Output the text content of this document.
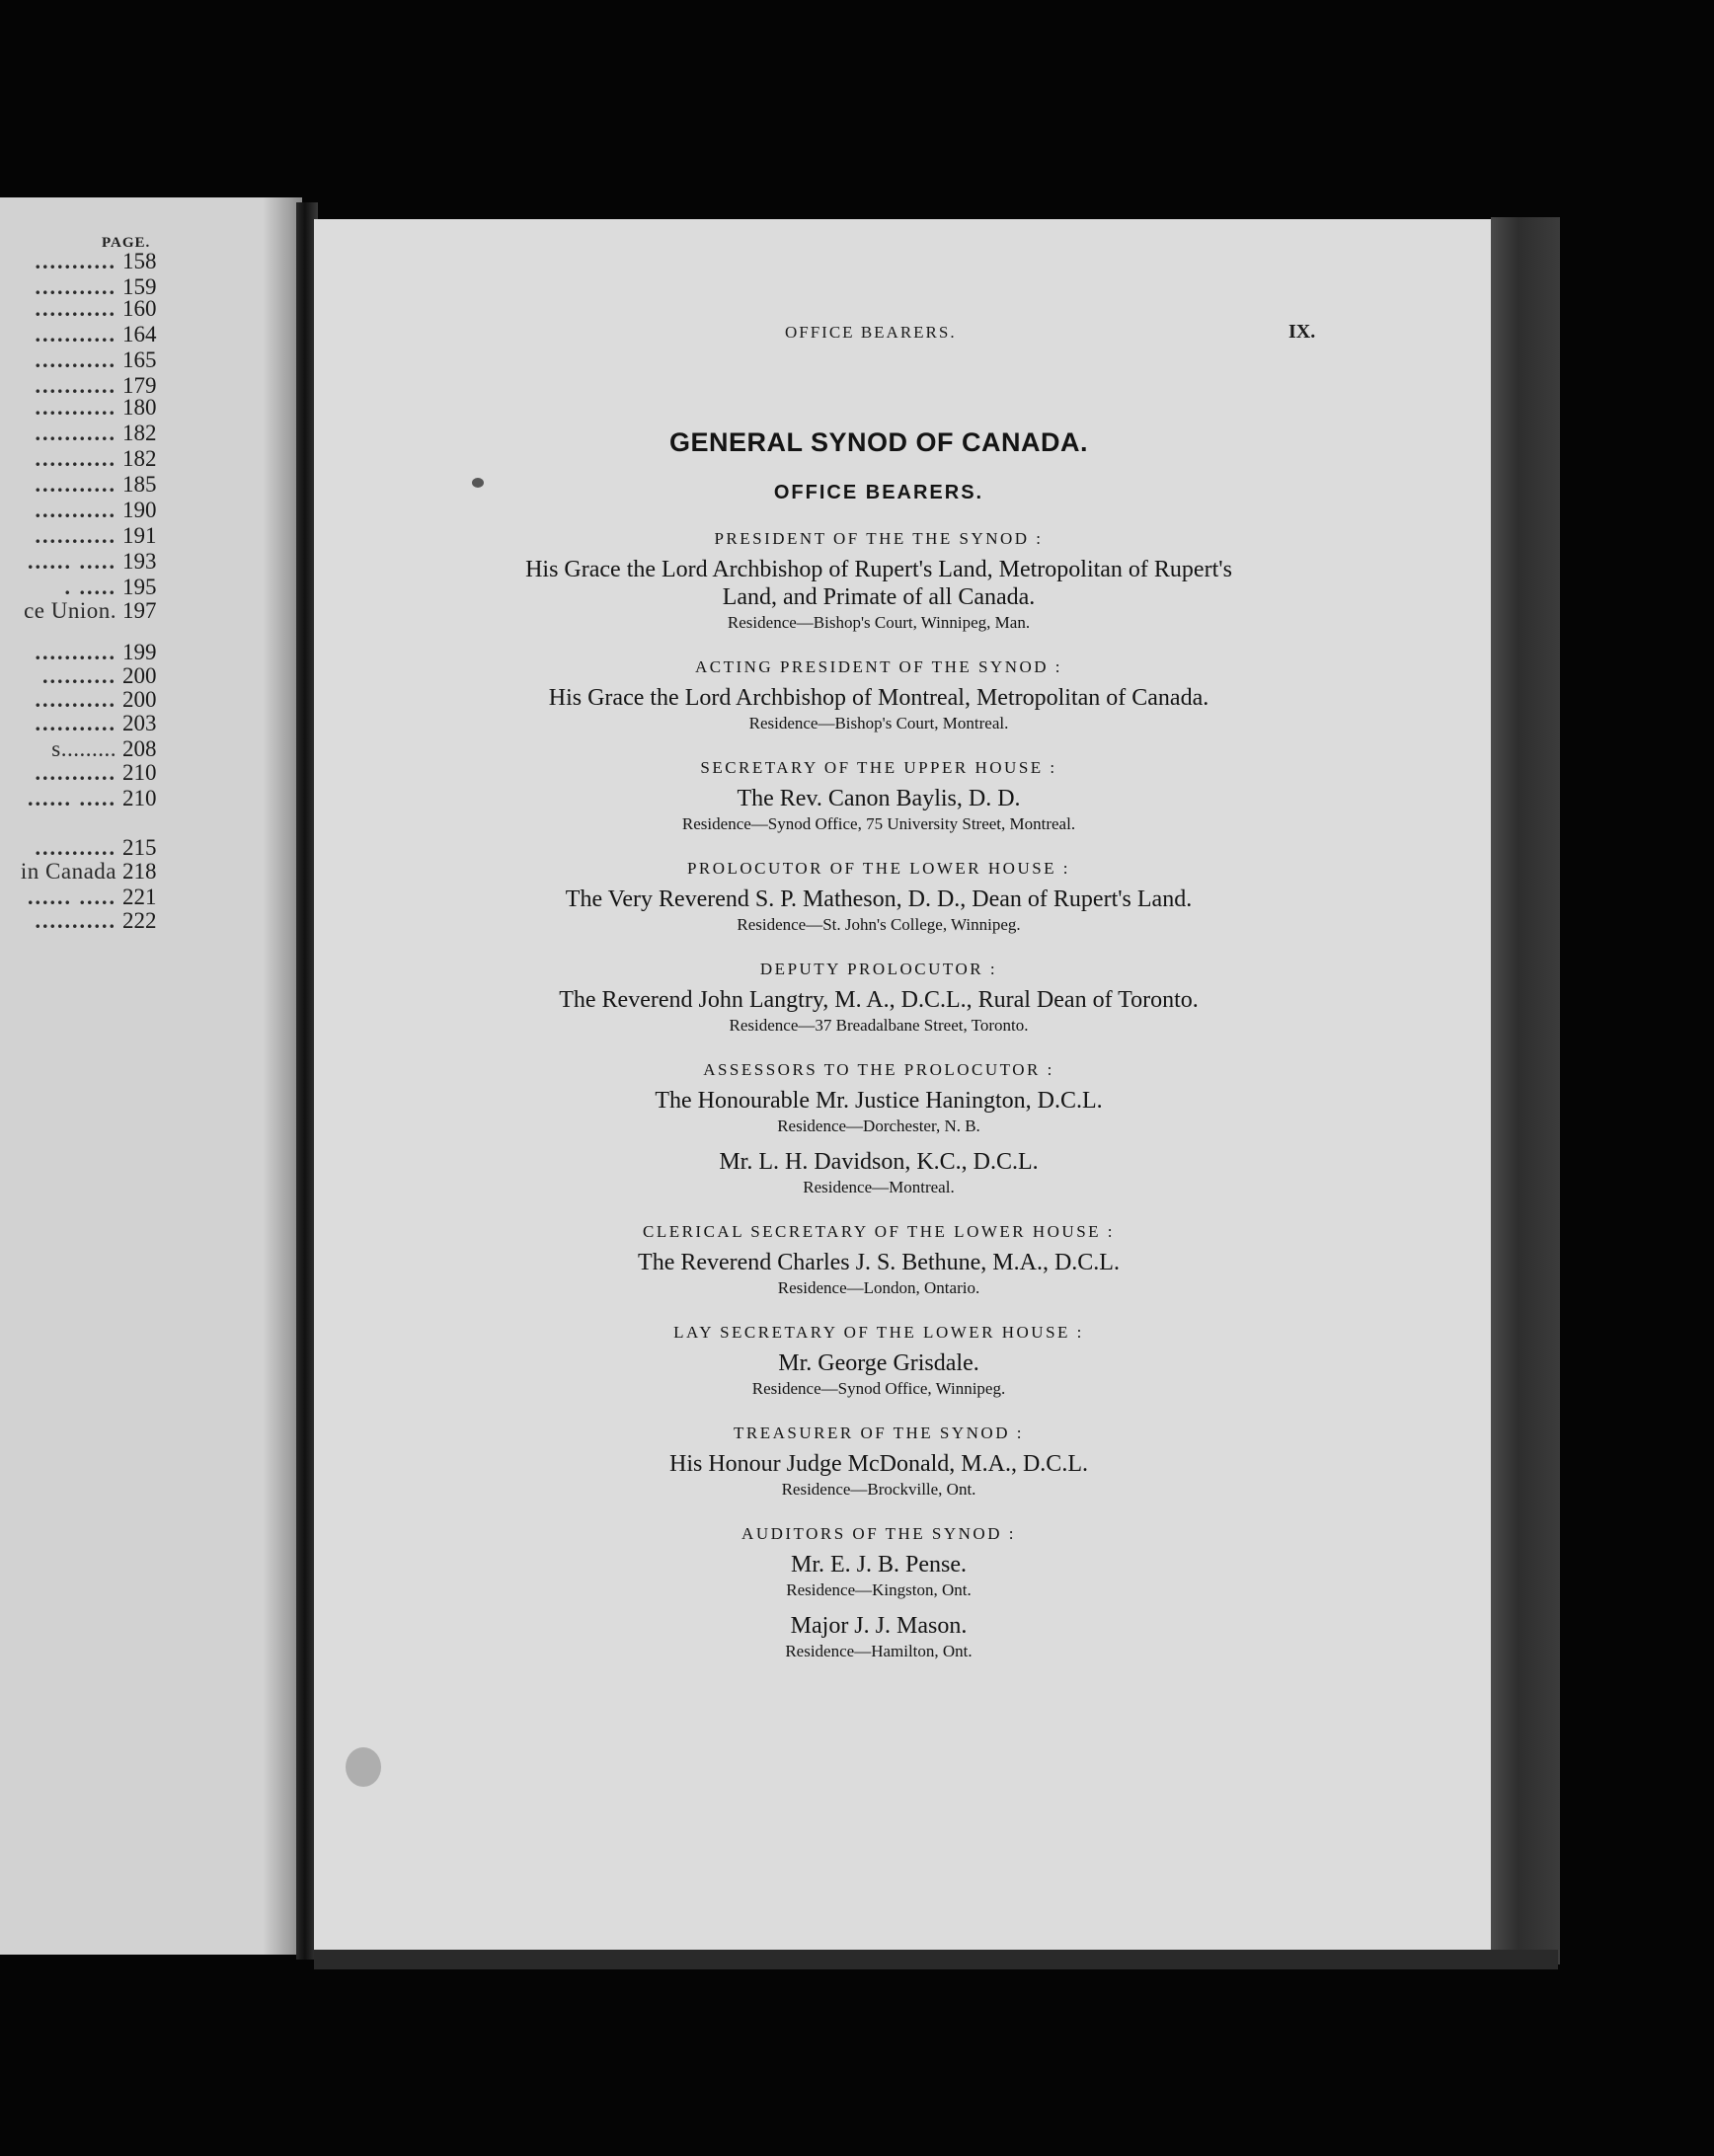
PAGE.
........... 158
........... 159
........... 160
........... 164
........... 165
........... 179
........... 180
........... 182
........... 182
........... 185
........... 190
........... 191
...... ..... 193
. ..... 195
ce Union. 197
........... 199
.......... 200
........... 200
........... 203
s......... 208
........... 210
...... ..... 210
........... 215
in Canada 218
...... ..... 221
........... 222
OFFICE BEARERS.	IX.
GENERAL SYNOD OF CANADA.
OFFICE BEARERS.
PRESIDENT OF THE THE SYNOD :
His Grace the Lord Archbishop of Rupert's Land, Metropolitan of Rupert's
Land, and Primate of all Canada.
Residence—Bishop's Court, Winnipeg, Man.
ACTING PRESIDENT OF THE SYNOD :
His Grace the Lord Archbishop of Montreal, Metropolitan of Canada.
Residence—Bishop's Court, Montreal.
SECRETARY OF THE UPPER HOUSE :
The Rev. Canon Baylis, D. D.
Residence—Synod Office, 75 University Street, Montreal.
PROLOCUTOR OF THE LOWER HOUSE :
The Very Reverend S. P. Matheson, D. D., Dean of Rupert's Land.
Residence—St. John's College, Winnipeg.
DEPUTY PROLOCUTOR :
The Reverend John Langtry, M. A., D.C.L., Rural Dean of Toronto.
Residence—37 Breadalbane Street, Toronto.
ASSESSORS TO THE PROLOCUTOR :
The Honourable Mr. Justice Hanington, D.C.L.
Residence—Dorchester, N. B.
Mr. L. H. Davidson, K.C., D.C.L.
Residence—Montreal.
CLERICAL SECRETARY OF THE LOWER HOUSE :
The Reverend Charles J. S. Bethune, M.A., D.C.L.
Residence—London, Ontario.
LAY SECRETARY OF THE LOWER HOUSE :
Mr. George Grisdale.
Residence—Synod Office, Winnipeg.
TREASURER OF THE SYNOD :
His Honour Judge McDonald, M.A., D.C.L.
Residence—Brockville, Ont.
AUDITORS OF THE SYNOD :
Mr. E. J. B. Pense.
Residence—Kingston, Ont.
Major J. J. Mason.
Residence—Hamilton, Ont.
